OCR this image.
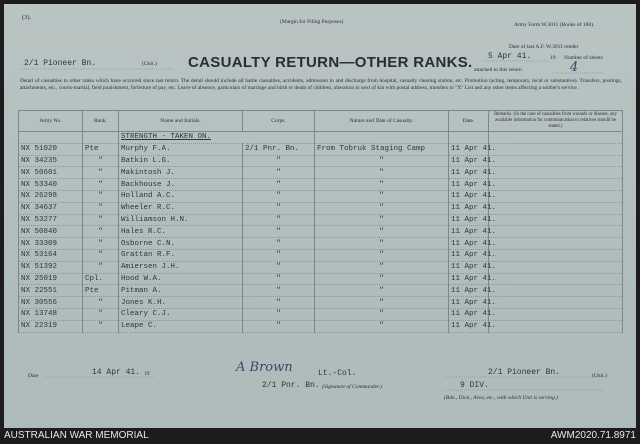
(3).
(Margin for Filing Purposes)	Army Form W.3011 (Books of 100).
2/1 Pioneer Bn.	(Unit.) CASUALTY RETURN—OTHER RANKS.
Date of last A.F. W.3011 render
5 Apr 41.	19 Number of sheets
attached to this return	4
Detail of casualties to other ranks which have occurred since last return. The detail should include all battle casualties, accidents, admission to and discharge from hospital, casualty clearing station, etc. Promotion (acting, temporary, local or substantive). Transfers, postings, attachments, etc., courts-martial, field punishment, forfeiture of pay, etc. Leave of absence, particulars of marriage and birth or death of children, alteration in next of kin with postal address, transfers to "X" List and any other items affecting a soldier's service.
Army No.	Rank.	Name and Initials.	Corps.	Nature and Date of Casualty.	Date.	Remarks. (In the case of casualties from wounds or disease, any available information for communication to relatives should be stated.)
		STRENGTH - TAKEN ON.				
NX 51020	Pte	Murphy F.A.	2/1 Pnr. Bn.	From Tobruk Staging Camp	11 Apr 41.	
NX 34235	"	Batkin L.G.	"	"	11 Apr 41.	
NX 50601	"	Makintosh J.	"	"	11 Apr 41.	
NX 53340	"	Backhouse J.	"	"	11 Apr 41.	
NX 26298	"	Holland A.C.	"	"	11 Apr 41.	
NX 34637	"	Wheeler R.C.	"	"	11 Apr 41.	
NX 53277	"	Williamson H.N.	"	"	11 Apr 41.	
NX 50840	"	Hales R.C.	"	"	11 Apr 41.	
NX 33309	"	Osborne C.N.	"	"	11 Apr 41.	
NX 53164	"	Grattan R.F.	"	"	11 Apr 41.	
NX 51392	"	Amiersen J.H.	"	"	11 Apr 41.	
NX 25019	Cpl.	Hood W.A.	"	"	11 Apr 41.	
NX 22551	Pte	Pitman A.	"	"	11 Apr 41.	
NX 30556	"	Jones K.H.	"	"	11 Apr 41.	
NX 13748	"	Cleary C.J.	"	"	11 Apr 41.	
NX 22319	"	Leape C.	"	"	11 Apr 41.	
Date	14 Apr 41. 19	A Brown	Lt.-Col.
2/1 Pnr. Bn. (Signature of Commander.)
2/1 Pioneer Bn.	(Unit.)
9 DIV.
(Bde., Divn., Area, etc., with which Unit is serving.)
AUSTRALIAN WAR MEMORIAL	AWM2020.71.8971
